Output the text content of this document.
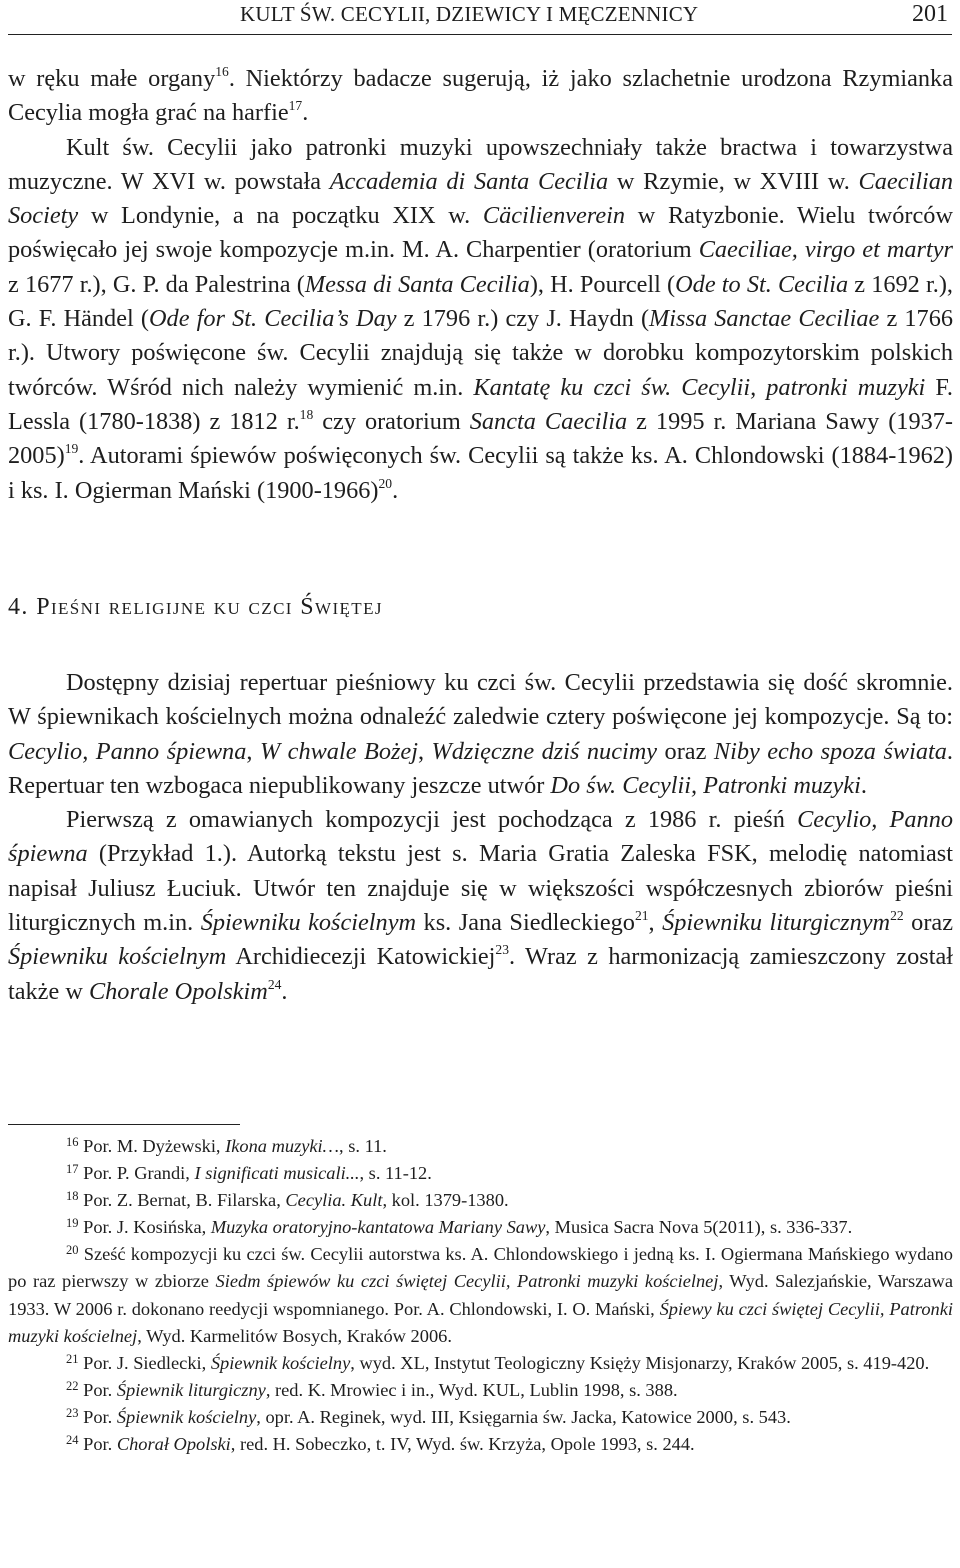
KULT ŚW. CECYLII, DZIEWICY I MĘCZENNICY	201

w ręku małe organy$^{16}$. Niektórzy badacze sugerują, iż jako szlachetnie urodzona Rzymianka Cecylia mogła grać na harfie$^{17}$.

Kult św. Cecylii jako patronki muzyki upowszechniały także bractwa i towarzystwa muzyczne. W XVI w. powstała Accademia di Santa Cecilia w Rzymie, w XVIII w. Caecilian Society w Londynie, a na początku XIX w. Cäcilienverein w Ratyzbonie. Wielu twórców poświęcało jej swoje kompozycje m.in. M. A. Charpentier (oratorium Caeciliae, virgo et martyr z 1677 r.), G. P. da Palestrina (Messa di Santa Cecilia), H. Pourcell (Ode to St. Cecilia z 1692 r.), G. F. Händel (Ode for St. Cecilia’s Day z 1796 r.) czy J. Haydn (Missa Sanctae Ceciliae z 1766 r.). Utwory poświęcone św. Cecylii znajdują się także w dorobku kompozytorskim polskich twórców. Wśród nich należy wymienić m.in. Kantatę ku czci św. Cecylii, patronki muzyki F. Lessla (1780-1838) z 1812 r.$^{18}$ czy oratorium Sancta Caecilia z 1995 r. Mariana Sawy (1937-2005)$^{19}$. Autorami śpiewów poświęconych św. Cecylii są także ks. A. Chlondowski (1884-1962) i ks. I. Ogierman Mański (1900-1966)$^{20}$.

4. Pieśni religijne ku czci Świętej

Dostępny dzisiaj repertuar pieśniowy ku czci św. Cecylii przedstawia się dość skromnie. W śpiewnikach kościelnych można odnaleźć zaledwie cztery poświęcone jej kompozycje. Są to: Cecylio, Panno śpiewna, W chwale Bożej, Wdzięczne dziś nucimy oraz Niby echo spoza świata. Repertuar ten wzbogaca niepublikowany jeszcze utwór Do św. Cecylii, Patronki muzyki.

Pierwszą z omawianych kompozycji jest pochodząca z 1986 r. pieśń Cecylio, Panno śpiewna (Przykład 1.). Autorką tekstu jest s. Maria Gratia Zaleska FSK, melodię natomiast napisał Juliusz Łuciuk. Utwór ten znajduje się w większości współczesnych zbiorów pieśni liturgicznych m.in. Śpiewniku kościelnym ks. Jana Siedleckiego$^{21}$, Śpiewniku liturgicznym$^{22}$ oraz Śpiewniku kościelnym Archidiecezji Katowickiej$^{23}$. Wraz z harmonizacją zamieszczony został także w Chorale Opolskim$^{24}$.

$^{16}$ Por. M. Dyżewski, Ikona muzyki…, s. 11.

$^{17}$ Por. P. Grandi, I significati musicali..., s. 11-12.

$^{18}$ Por. Z. Bernat, B. Filarska, Cecylia. Kult, kol. 1379-1380.

$^{19}$ Por. J. Kosińska, Muzyka oratoryjno-kantatowa Mariany Sawy, Musica Sacra Nova 5(2011), s. 336-337.

$^{20}$ Sześć kompozycji ku czci św. Cecylii autorstwa ks. A. Chlondowskiego i jedną ks. I. Ogiermana Mańskiego wydano po raz pierwszy w zbiorze Siedm śpiewów ku czci świętej Cecylii, Patronki muzyki kościelnej, Wyd. Salezjańskie, Warszawa 1933. W 2006 r. dokonano reedycji wspomnianego. Por. A. Chlondowski, I. O. Mański, Śpiewy ku czci świętej Cecylii, Patronki muzyki kościelnej, Wyd. Karmelitów Bosych, Kraków 2006.

$^{21}$ Por. J. Siedlecki, Śpiewnik kościelny, wyd. XL, Instytut Teologiczny Księży Misjonarzy, Kraków 2005, s. 419-420.

$^{22}$ Por. Śpiewnik liturgiczny, red. K. Mrowiec i in., Wyd. KUL, Lublin 1998, s. 388.

$^{23}$ Por. Śpiewnik kościelny, opr. A. Reginek, wyd. III, Księgarnia św. Jacka, Katowice 2000, s. 543.

$^{24}$ Por. Chorał Opolski, red. H. Sobeczko, t. IV, Wyd. św. Krzyża, Opole 1993, s. 244.
